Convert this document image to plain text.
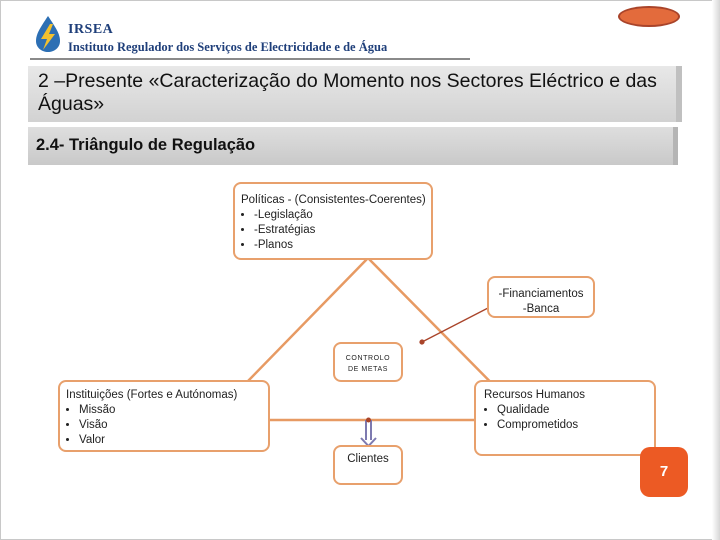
IRSEA
Instituto Regulador dos Serviços de Electricidade e de Água
2 –Presente «Caracterização do Momento nos Sectores Eléctrico e das Águas»
2.4- Triângulo de Regulação
Políticas - (Consistentes-Coerentes)
• -Legislação
• -Estratégias
• -Planos
-Financiamentos
-Banca
CONTROLO
DE METAS
Instituições (Fortes e Autónomas)
• Missão
• Visão
• Valor
Recursos Humanos
• Qualidade
• Comprometidos
Clientes
7
